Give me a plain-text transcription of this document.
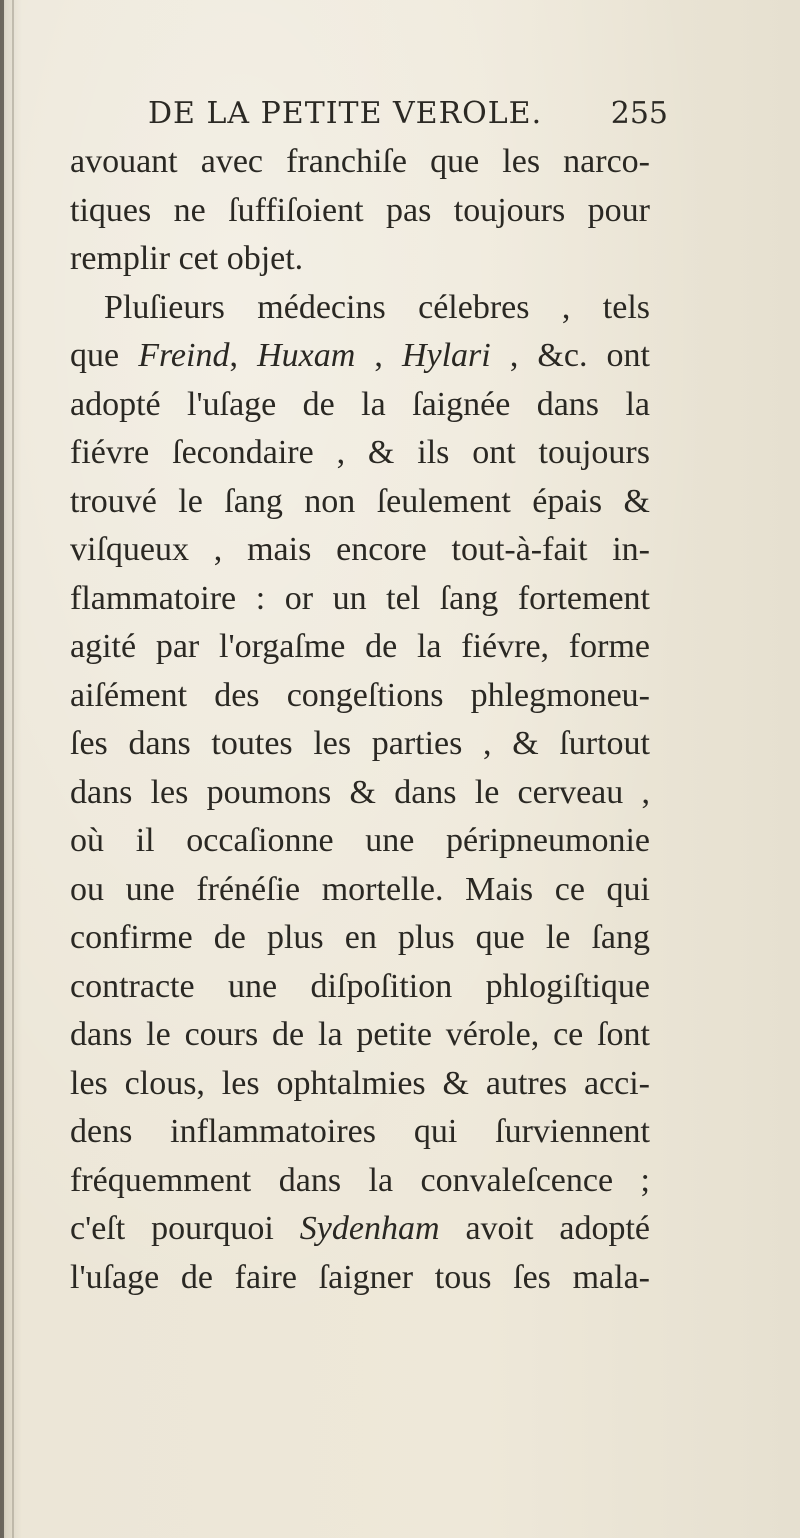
DE LA PETITE VEROLE. 255
avouant avec franchiſe que les narco-
tiques ne ſuffiſoient pas toujours pour
remplir cet objet.
Pluſieurs médecins célebres , tels
que Freind, Huxam , Hylari , &c. ont
adopté l'uſage de la ſaignée dans la
fiévre ſecondaire , & ils ont toujours
trouvé le ſang non ſeulement épais &
viſqueux , mais encore tout-à-fait in-
flammatoire : or un tel ſang fortement
agité par l'orgaſme de la fiévre, forme
aiſément des congeſtions phlegmoneu-
ſes dans toutes les parties , & ſurtout
dans les poumons & dans le cerveau ,
où il occaſionne une péripneumonie
ou une frénéſie mortelle. Mais ce qui
confirme de plus en plus que le ſang
contracte une diſpoſition phlogiſtique
dans le cours de la petite vérole, ce ſont
les clous, les ophtalmies & autres acci-
dens inflammatoires qui ſurviennent
fréquemment dans la convaleſcence ;
c'eſt pourquoi Sydenham avoit adopté
l'uſage de faire ſaigner tous ſes mala-
